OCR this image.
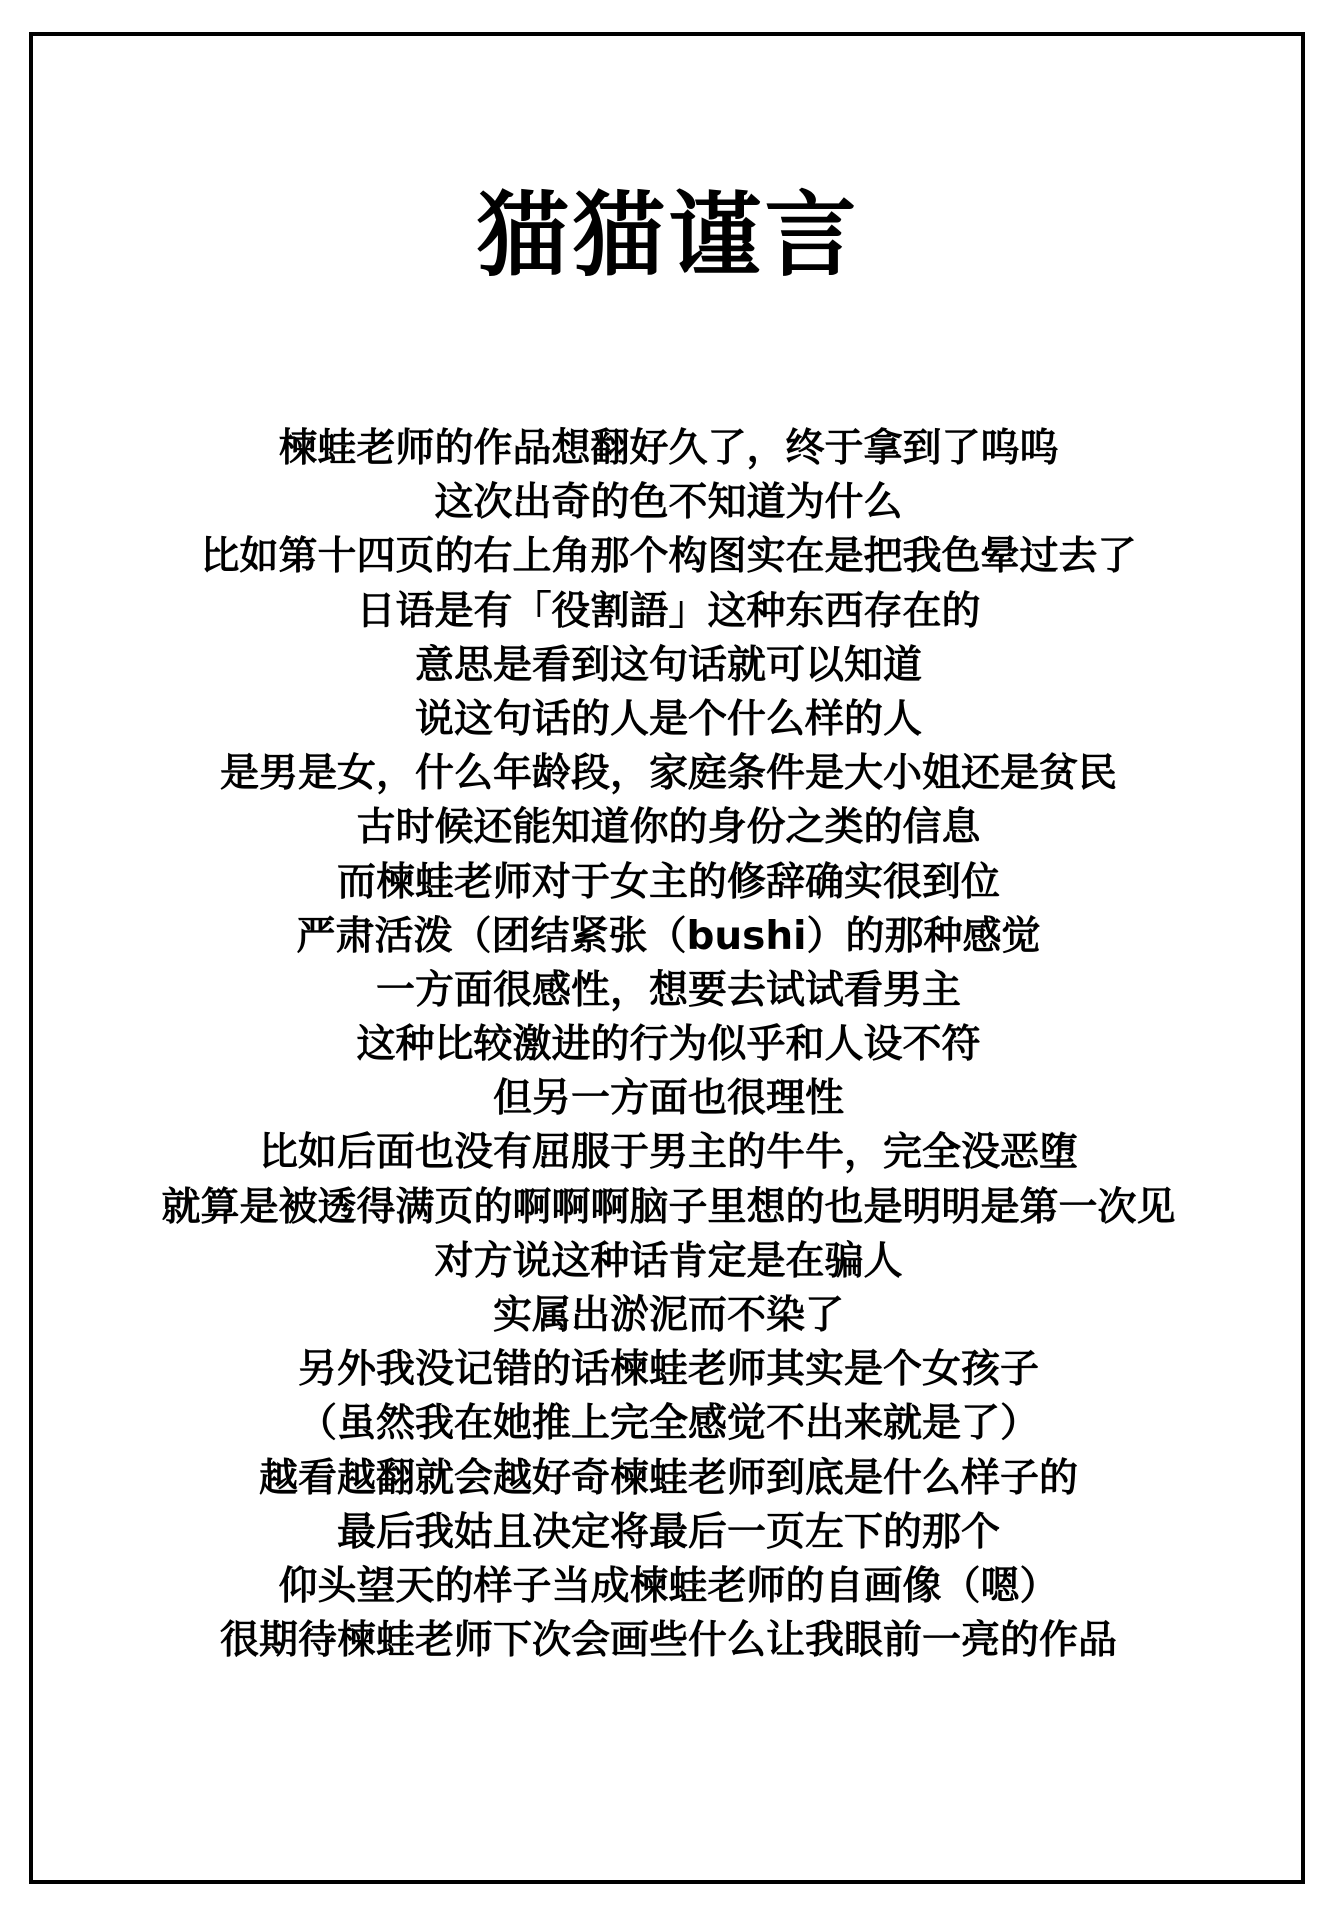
猫猫谨言
楝蛙老师的作品想翻好久了，终于拿到了呜呜
这次出奇的色不知道为什么
比如第十四页的右上角那个构图实在是把我色晕过去了
日语是有「役割語」这种东西存在的
意思是看到这句话就可以知道
说这句话的人是个什么样的人
是男是女，什么年龄段，家庭条件是大小姐还是贫民
古时候还能知道你的身份之类的信息
而楝蛙老师对于女主的修辞确实很到位
严肃活泼（团结紧张（bushi）的那种感觉
一方面很感性，想要去试试看男主
这种比较激进的行为似乎和人设不符
但另一方面也很理性
比如后面也没有屈服于男主的牛牛，完全没恶堕
就算是被透得满页的啊啊啊脑子里想的也是明明是第一次见
对方说这种话肯定是在骗人
实属出淤泥而不染了
另外我没记错的话楝蛙老师其实是个女孩子
（虽然我在她推上完全感觉不出来就是了）
越看越翻就会越好奇楝蛙老师到底是什么样子的
最后我姑且决定将最后一页左下的那个
仰头望天的样子当成楝蛙老师的自画像（嗯）
很期待楝蛙老师下次会画些什么让我眼前一亮的作品
